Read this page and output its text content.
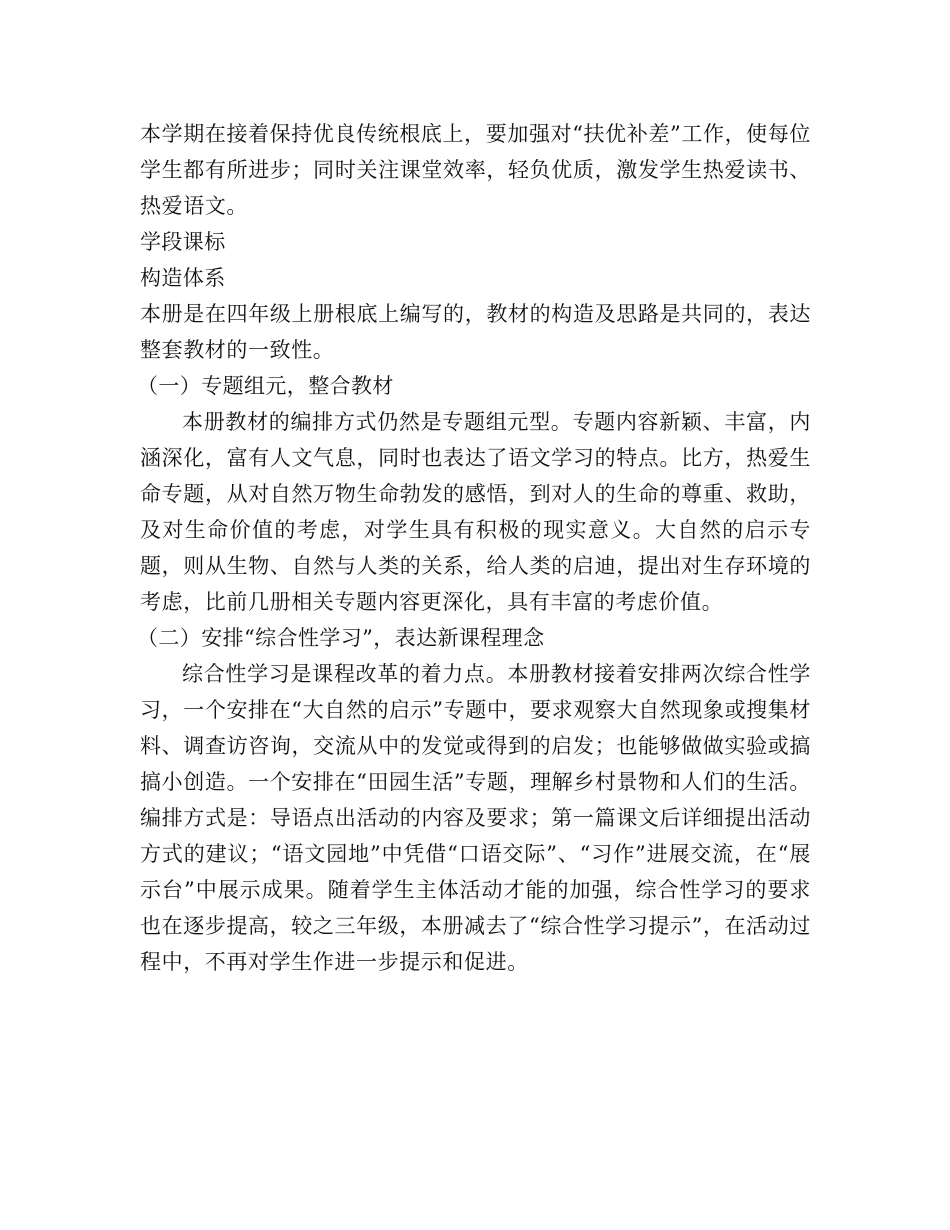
本学期在接着保持优良传统根底上，要加强对“扶优补差”工作，使每位学生都有所进步；同时关注课堂效率，轻负优质，激发学生热爱读书、热爱语文。

学段课标

构造体系

本册是在四年级上册根底上编写的，教材的构造及思路是共同的，表达整套教材的一致性。

（一）专题组元，整合教材

本册教材的编排方式仍然是专题组元型。专题内容新颖、丰富，内涵深化，富有人文气息，同时也表达了语文学习的特点。比方，热爱生命专题，从对自然万物生命勃发的感悟，到对人的生命的尊重、救助，及对生命价值的考虑，对学生具有积极的现实意义。大自然的启示专题，则从生物、自然与人类的关系，给人类的启迪，提出对生存环境的考虑，比前几册相关专题内容更深化，具有丰富的考虑价值。

（二）安排“综合性学习”，表达新课程理念

综合性学习是课程改革的着力点。本册教材接着安排两次综合性学习，一个安排在“大自然的启示”专题中，要求观察大自然现象或搜集材料、调查访咨询，交流从中的发觉或得到的启发；也能够做做实验或搞搞小创造。一个安排在“田园生活”专题，理解乡村景物和人们的生活。编排方式是：导语点出活动的内容及要求；第一篇课文后详细提出活动方式的建议；“语文园地”中凭借“口语交际”、“习作”进展交流，在“展示台”中展示成果。随着学生主体活动才能的加强，综合性学习的要求也在逐步提高，较之三年级，本册减去了“综合性学习提示”，在活动过程中，不再对学生作进一步提示和促进。
